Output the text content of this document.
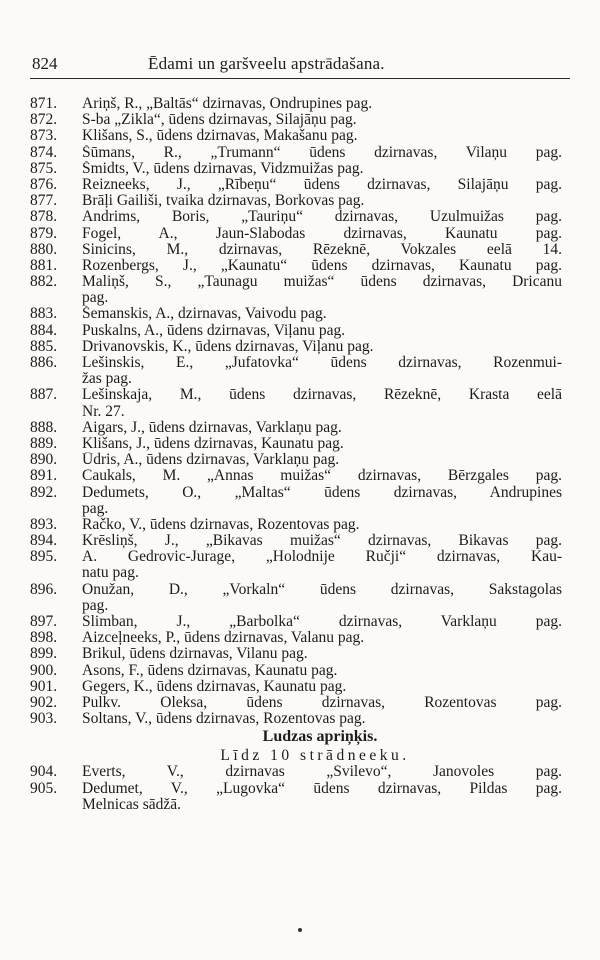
824	Ēdami un garšveelu apstrādašana.
871.	Ariņš, R., „Baltās“ dzirnavas, Ondrupines pag.
872.	S-ba „Zikla“, ūdens dzirnavas, Silajāņu pag.
873.	Klišans, S., ūdens dzirnavas, Makašanu pag.
874.	Šūmans, R., „Trumann“ ūdens dzirnavas, Vilaņu pag.
875.	Šmidts, V., ūdens dzirnavas, Vidzmuižas pag.
876.	Reizneeks, J., „Rībeņu“ ūdens dzirnavas, Silajāņu pag.
877.	Brāļi Gailiši, tvaika dzirnavas, Borkovas pag.
878.	Andrims, Boris, „Tauriņu“ dzirnavas, Uzulmuižas pag.
879.	Fogel, A., Jaun-Slabodas dzirnavas, Kaunatu pag.
880.	Sinicins, M., dzirnavas, Rēzeknē, Vokzales eelā 14.
881.	Rozenbergs, J., „Kaunatu“ ūdens dzirnavas, Kaunatu pag.
882.	Maliņš, S., „Taunagu muižas“ ūdens dzirnavas, Dricanu
pag.
883.	Šemanskis, A., dzirnavas, Vaivodu pag.
884.	Puskalns, A., ūdens dzirnavas, Viļanu pag.
885.	Drivanovskis, K., ūdens dzirnavas, Viļanu pag.
886.	Lešinskis, E., „Jufatovka“ ūdens dzirnavas, Rozenmui-
žas pag.
887.	Lešinskaja, M., ūdens dzirnavas, Rēzeknē, Krasta eelā
Nr. 27.
888.	Aigars, J., ūdens dzirnavas, Varklaņu pag.
889.	Klišans, J., ūdens dzirnavas, Kaunatu pag.
890.	Ūdris, A., ūdens dzirnavas, Varklaņu pag.
891.	Caukals, M. „Annas muižas“ dzirnavas, Bērzgales pag.
892.	Dedumets, O., „Maltas“ ūdens dzirnavas, Andrupines
pag.
893.	Račko, V., ūdens dzirnavas, Rozentovas pag.
894.	Krēsliņš, J., „Bikavas muižas“ dzirnavas, Bikavas pag.
895.	A. Gedrovic-Jurage, „Holodnije Ručji“ dzirnavas, Kau-
natu pag.
896.	Onužan, D., „Vorkaln“ ūdens dzirnavas, Sakstagolas
pag.
897.	Slimban, J., „Barbolka“ dzirnavas, Varklaņu pag.
898.	Aizceļneeks, P., ūdens dzirnavas, Valanu pag.
899.	Brikul, ūdens dzirnavas, Vilanu pag.
900.	Asons, F., ūdens dzirnavas, Kaunatu pag.
901.	Gegers, K., ūdens dzirnavas, Kaunatu pag.
902.	Pulkv. Oleksa, ūdens dzirnavas, Rozentovas pag.
903.	Soltans, V., ūdens dzirnavas, Rozentovas pag.
Ludzas apriņķis.
Līdz 10 strādneeku.
904.	Everts, V., dzirnavas „Svilevo“, Janovoles pag.
905.	Dedumet, V., „Lugovka“ ūdens dzirnavas, Pildas pag.
Melnicas sādžā.
